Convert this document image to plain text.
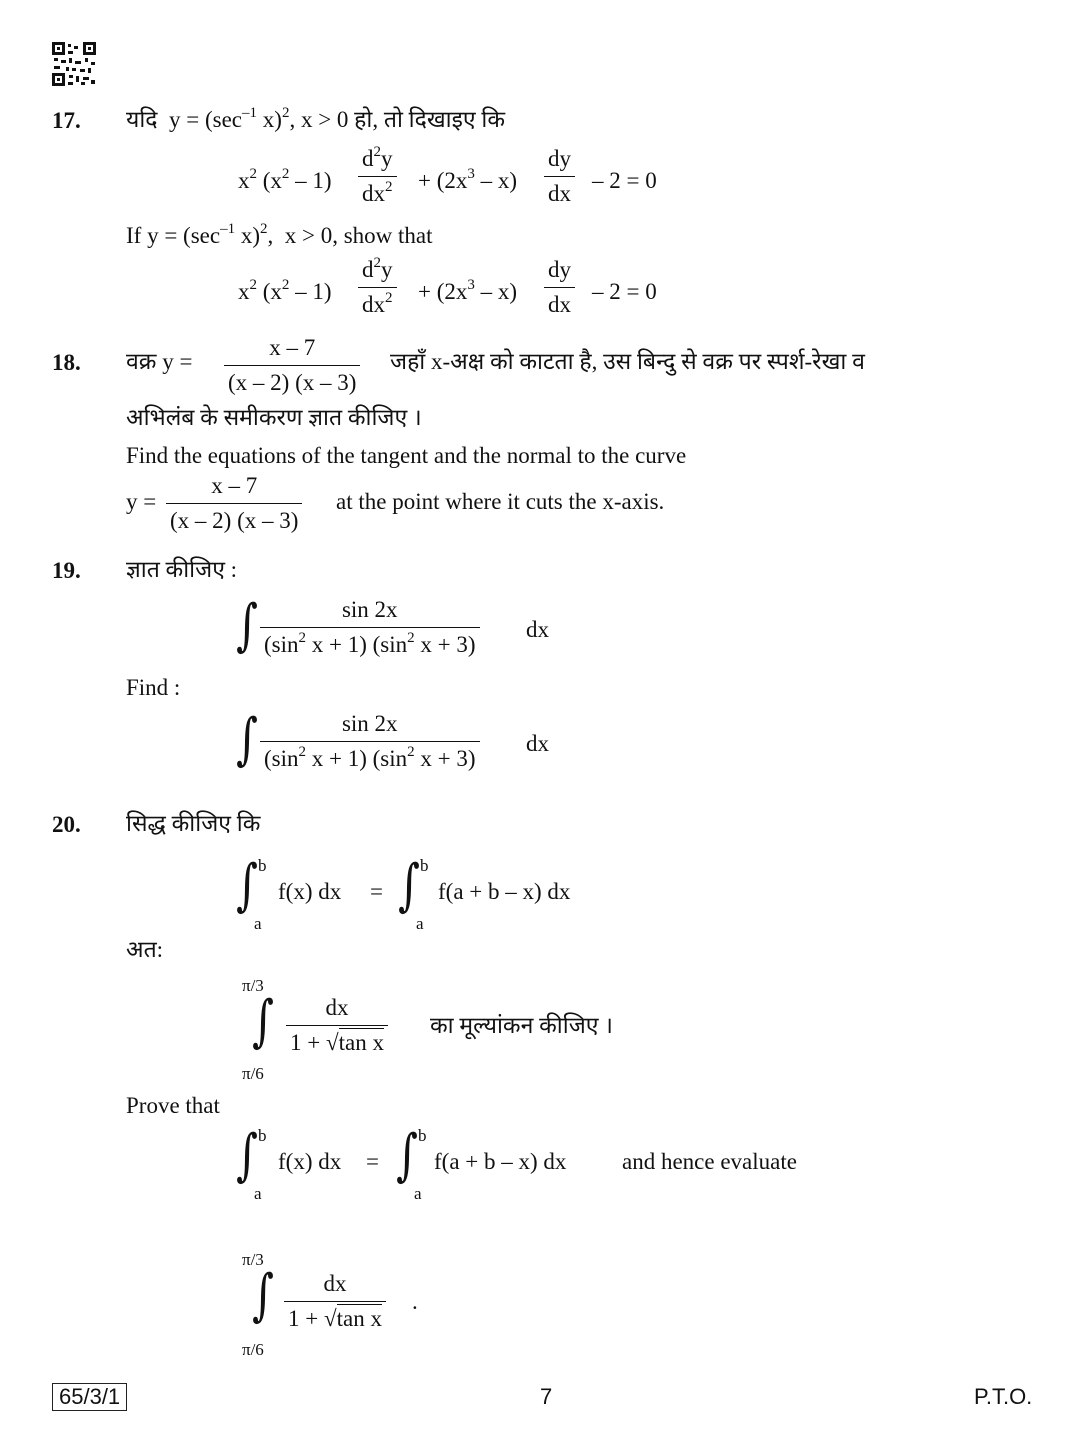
17. यदि $y = (\sec^{-1}$ x)$^2$, x > 0 हो, तो दिखाइए कि
$x^2$ $(x^2 - 1) \frac{d^2y}{dx^2} + (2x^3 - x) \frac{dy}{dx} - 2 = 0$
If $y = (\sec^{-1}$ x)$^2$,  x > 0, show that
$x^2$ $(x^2 - 1) \frac{d^2y}{dx^2} + (2x^3 - x) \frac{dy}{dx} - 2 = 0$
18. वक्र $y = \frac{x - 7}{(x - 2) (x - 3)}$ जहाँ x-अक्ष को काटता है, उस बिन्दु से वक्र पर स्पर्श-रेखा व
अभिलंब के समीकरण ज्ञात कीजिए ।
Find the equations of the tangent and the normal to the curve
$y = \frac{x - 7}{(x - 2) (x - 3)}$ at the point where it cuts the x-axis.
19. ज्ञात कीजिए :
∫ $\frac{\sin 2x}{(\sin^2 x + 1) (\sin^2 x + 3)}$ dx
Find :
∫ $\frac{\sin 2x}{(\sin^2 x + 1) (\sin^2 x + 3)}$ dx
20. सिद्ध कीजिए कि
∫ b
a
f(x) dx = ∫ b
a
f(a + b – x) dx
अत:
π/3
∫
π/6
$\frac{dx}{\text{1 + √tan x}}$ का मूल्यांकन कीजिए ।
Prove that
∫ b
a
f(x) dx = ∫ b
a
f(a + b – x) dx and hence evaluate
π/3
∫
π/6
$\frac{dx}{\text{1 + √tan x}}$ .
65/3/1	7	P.T.O.
